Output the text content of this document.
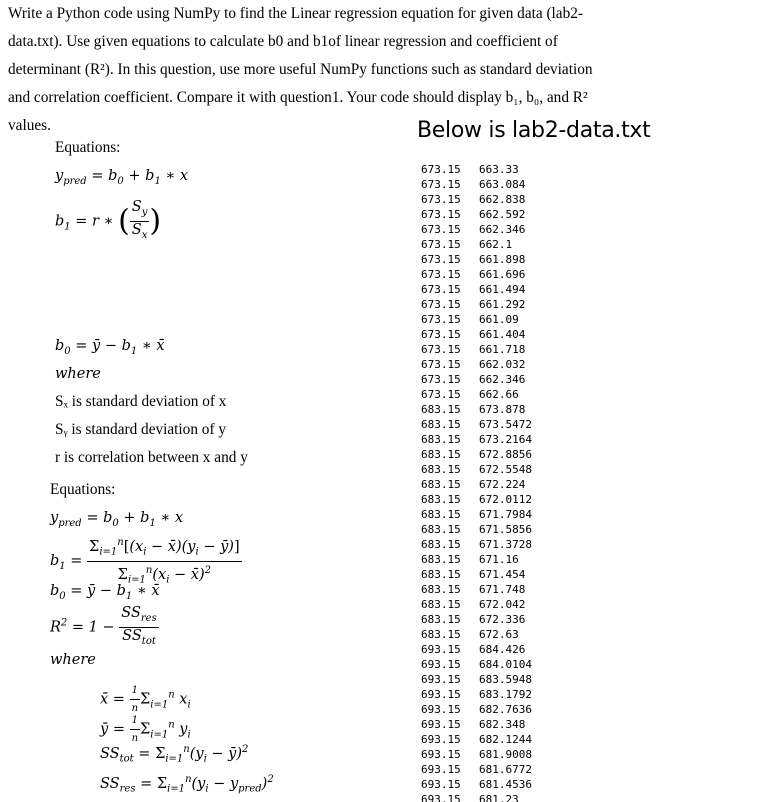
Write a Python code using NumPy to find the Linear regression equation for given data (lab2-

data.txt). Use given equations to calculate b0 and b1of linear regression and coefficient of

determinant (R²). In this question, use more useful NumPy functions such as standard deviation

and correlation coefficient. Compare it with question1. Your code should display b₁, b₀, and R²

values.	Below is lab2-data.txt
673.15	663.33
673.15	663.084
673.15	662.838
673.15	662.592
673.15	662.346
673.15	662.1
673.15	661.898
673.15	661.696
673.15	661.494
673.15	661.292
673.15	661.09
673.15	661.404
673.15	661.718
673.15	662.032
673.15	662.346
673.15	662.66
683.15	673.878
683.15	673.5472
683.15	673.2164
683.15	672.8856
683.15	672.5548
683.15	672.224
683.15	672.0112
683.15	671.7984
683.15	671.5856
683.15	671.3728
683.15	671.16
683.15	671.454
683.15	671.748
683.15	672.042
683.15	672.336
683.15	672.63
693.15	684.426
693.15	684.0104
693.15	683.5948
693.15	683.1792
693.15	682.7636
693.15	682.348
693.15	682.1244
693.15	681.9008
693.15	681.6772
693.15	681.4536
693.15	681.23
Equations:
$y_{pred} = b_0 + b_1$ ∗ x
$b_1 = r$ ∗ ( $\frac{S_y}{S_x}$ )
$b_0$ = ȳ − $b_1$ ∗ x̄
where
Sₓ is standard deviation of x
Sᵧ is standard deviation of y
r is correlation between x and y
Equations:
$y_{pred} = b_0 + b_1$ ∗ x
$b_1 = \frac{\Sigma_{i=1}^n[(x_i - x̄)(y_i - ȳ)]}{\Sigma_{i=1}^n(x_i - x̄)^2}$
$b_0$ = ȳ − $b_1$ ∗ x̄
$R^2 = 1 - \frac{SS_{res}}{SS_{tot}}$
where
x̄ = $\frac{1}{n} \Sigma_{i=1}^n$ $x_i$
ȳ = $\frac{1}{n} \Sigma_{i=1}^n$ $y_i$
$SS_{tot} = \Sigma_{i=1}^n(y_i$ − ȳ)$^2$
$SS_{res} = \Sigma_{i=1}^n(y_i - y_{pred})^2$
